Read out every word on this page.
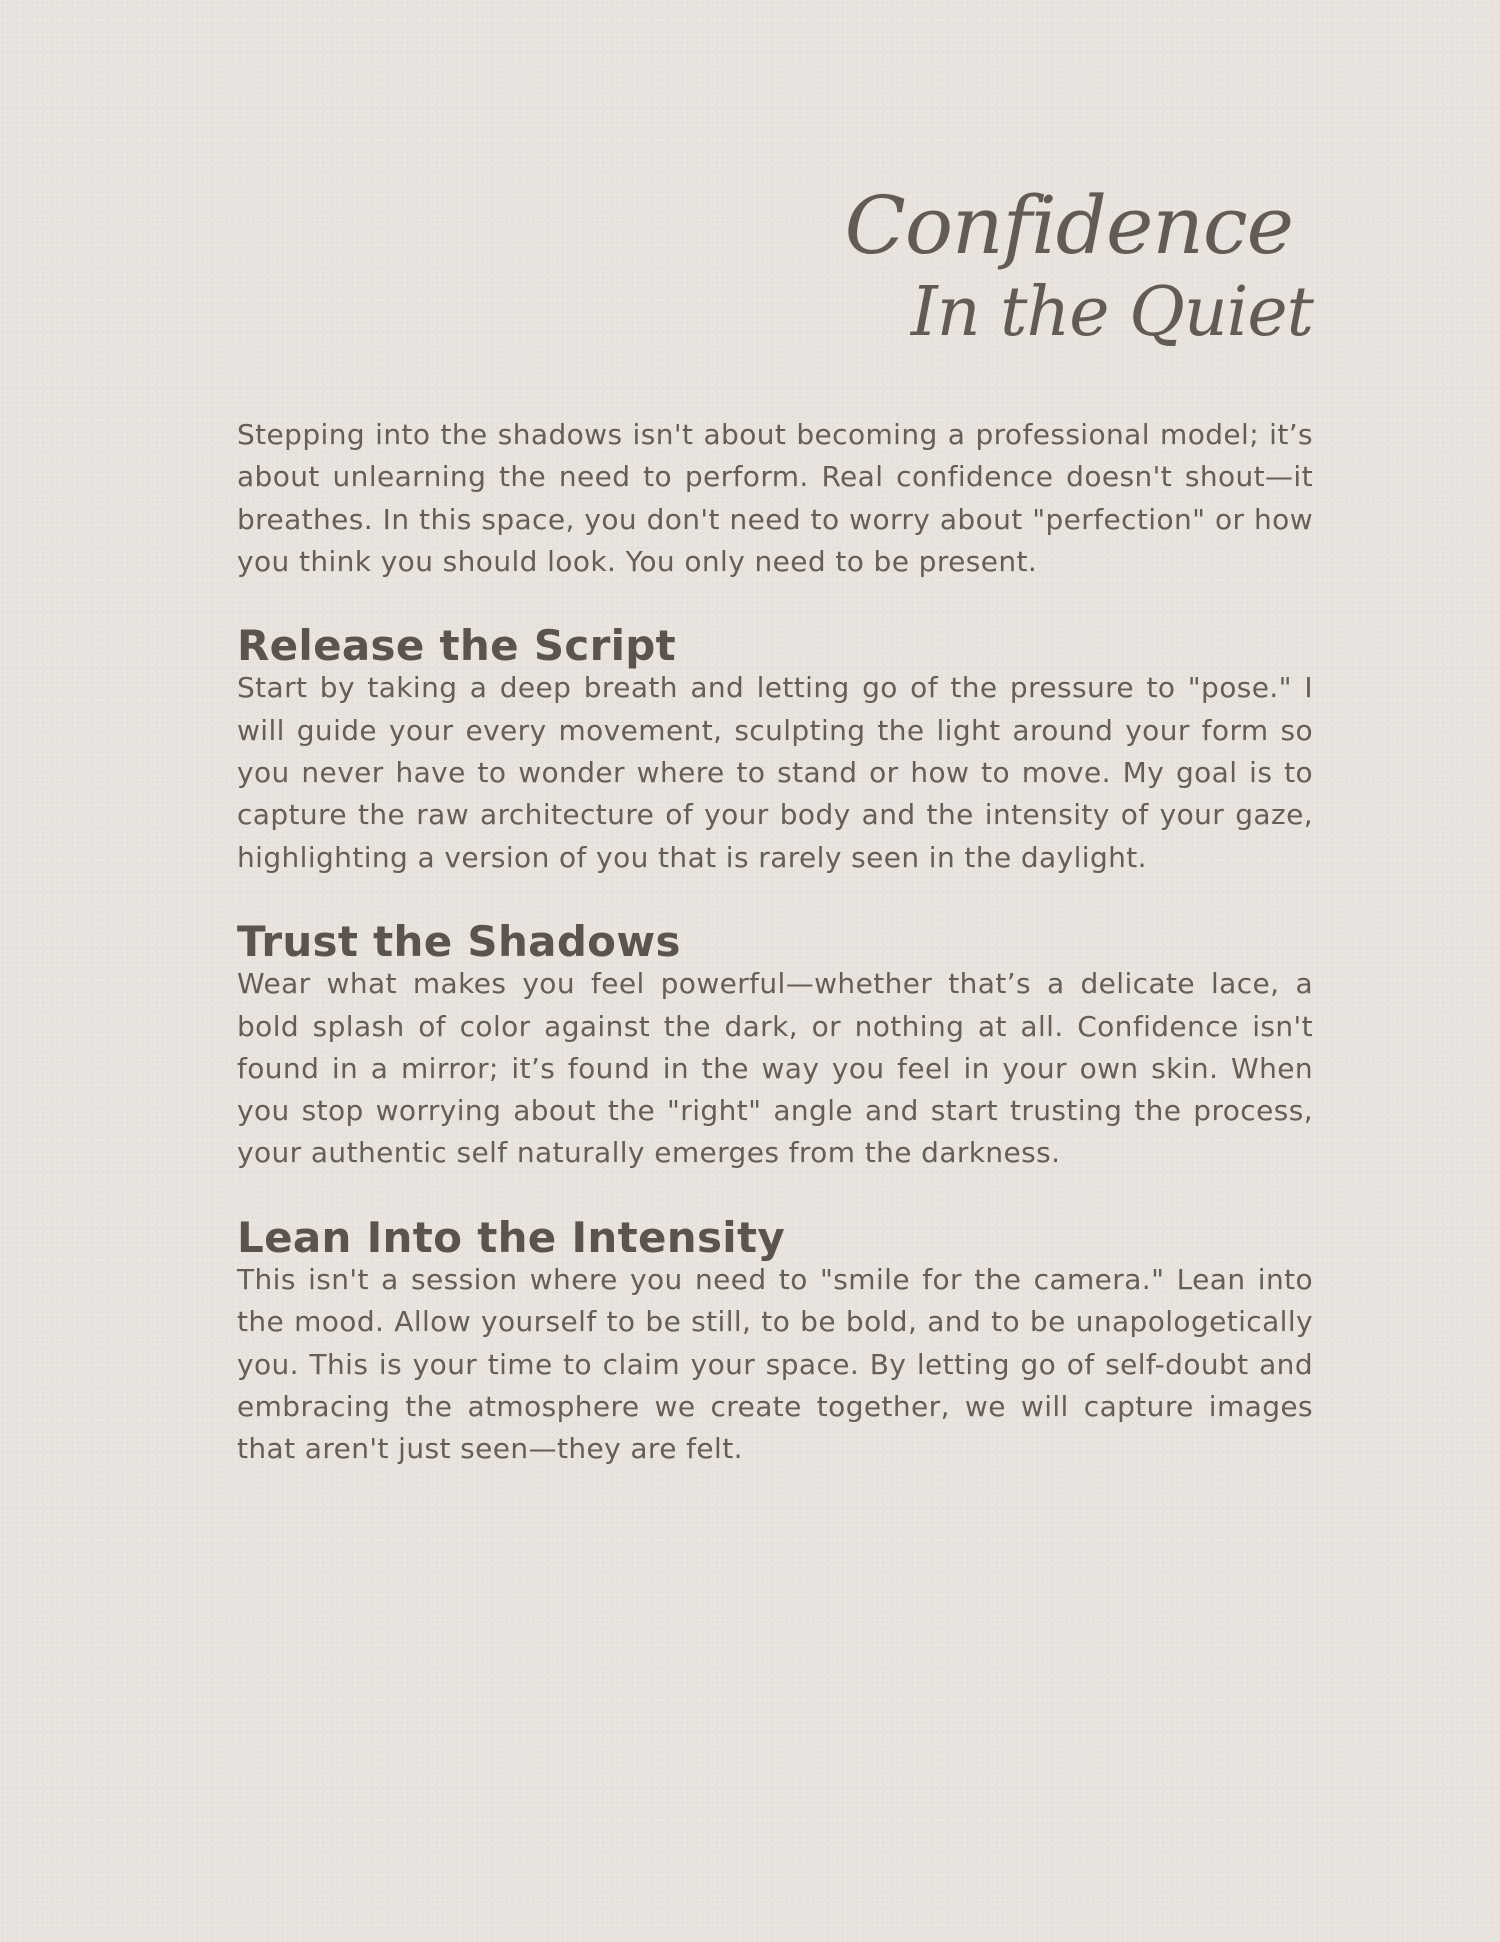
Confidence
In the Quiet

Stepping into the shadows isn't about becoming a professional model; it’s about unlearning the need to perform. Real confidence doesn't shout—it breathes. In this space, you don't need to worry about "perfection" or how you think you should look. You only need to be present.

Release the Script

Start by taking a deep breath and letting go of the pressure to "pose." I will guide your every movement, sculpting the light around your form so you never have to wonder where to stand or how to move. My goal is to capture the raw architecture of your body and the intensity of your gaze, highlighting a version of you that is rarely seen in the daylight.

Trust the Shadows

Wear what makes you feel powerful—whether that’s a delicate lace, a bold splash of color against the dark, or nothing at all. Confidence isn't found in a mirror; it’s found in the way you feel in your own skin. When you stop worrying about the "right" angle and start trusting the process, your authentic self naturally emerges from the darkness.

Lean Into the Intensity

This isn't a session where you need to "smile for the camera." Lean into the mood. Allow yourself to be still, to be bold, and to be unapologetically you. This is your time to claim your space. By letting go of self-doubt and embracing the atmosphere we create together, we will capture images that aren't just seen—they are felt.
